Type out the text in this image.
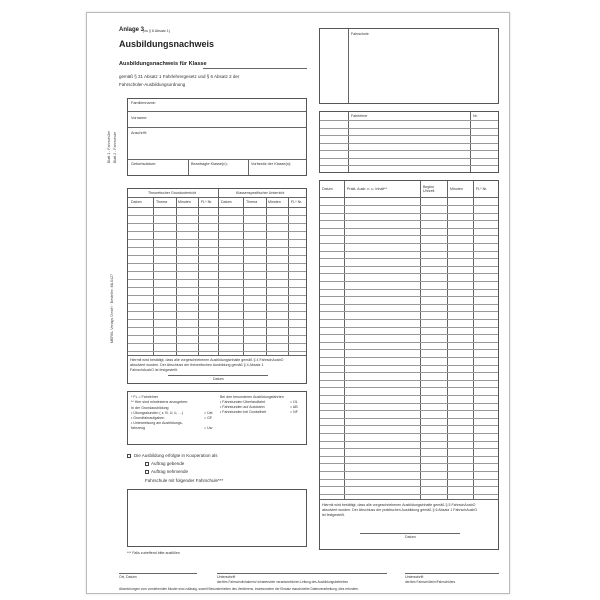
Blatt 1 - Fahrschüler Blatt 2 - Fahrschule
MERKL Verlags GmbH · Bestellnr. MLS427
Anlage 3
(zu § 6 Absatz 1)
Ausbildungsnachweis
Ausbildungsnachweis für Klasse
gemäß § 31 Absatz 1 Fahrlehrergesetz und § 6 Absatz 2 der
Fahrschüler-Ausbildungsordnung
Familienname:
Vorname:
Anschrift:
Geburtsdatum:	Beantragte Klasse(n):	Vorbesitz der Klasse(n):
Theoretischer Grundunterricht	Klassenspezifischer Unterricht
Datum	Thema	Minuten	FL* Nr. Datum	Thema	Minuten	FL* Nr.
Hiermit wird bestätigt, dass alle vorgeschriebenen Ausbildungsinhalte gemäß § 4 FahrschAusbO
absolviert wurden. Der Abschluss der theoretischen Ausbildung gemäß § 4 Absatz 1
FahrschAusbO ist festgestellt.
Datum
* FL = Fahrlehrer
** Hier sind mindestens anzugeben:
In der Grundausbildung
• Übungsstunden ( z. B. U, ü, …)	= Üst
• Grundfahraufgaben	= GF
• Unterweisung am Ausbildungs-
fahrzeug	= Uw
Bei den besonderen Ausbildungsfahrten
• Fahrstunden Überlandfahrt	= ÜL
• Fahrstunden auf Autobahn	= AB
• Fahrstunden bei Dunkelheit	= NF
Die Ausbildung erfolgte in Kooperation als
Auftrag gebende
Auftrag nehmende
Fahrschule mit folgender Fahrschule***
*** Falls zutreffend bitte ausfüllen
Fahrschule
Fahrlehrer	Nr.
Datum	Prakt. Ausb. n. u. Inhalt**	Beginn Uhrzeit	Minuten	FL* Nr.
Hiermit wird bestätigt, dass alle vorgeschriebenen Ausbildungsinhalte gemäß § 5 FahrschAusbO
absolviert wurden. Der Abschluss der praktischen Ausbildung gemäß § 6 Absatz 1 FahrschAusbO
ist festgestellt.
Datum
Ort, Datum	Unterschrift
der/des Fahrschulinhaberin/-inhabers/der verantwortlichen Leitung des Ausbildungsbetriebes
Unterschrift
der/des Fahrschülerin/Fahrschülers
Abweichungen vom vorstehenden Muster sind zulässig, soweit Besonderheiten des Verfahrens, insbesondere der Einsatz maschineller Datenverarbeitung, dies erfordern.
